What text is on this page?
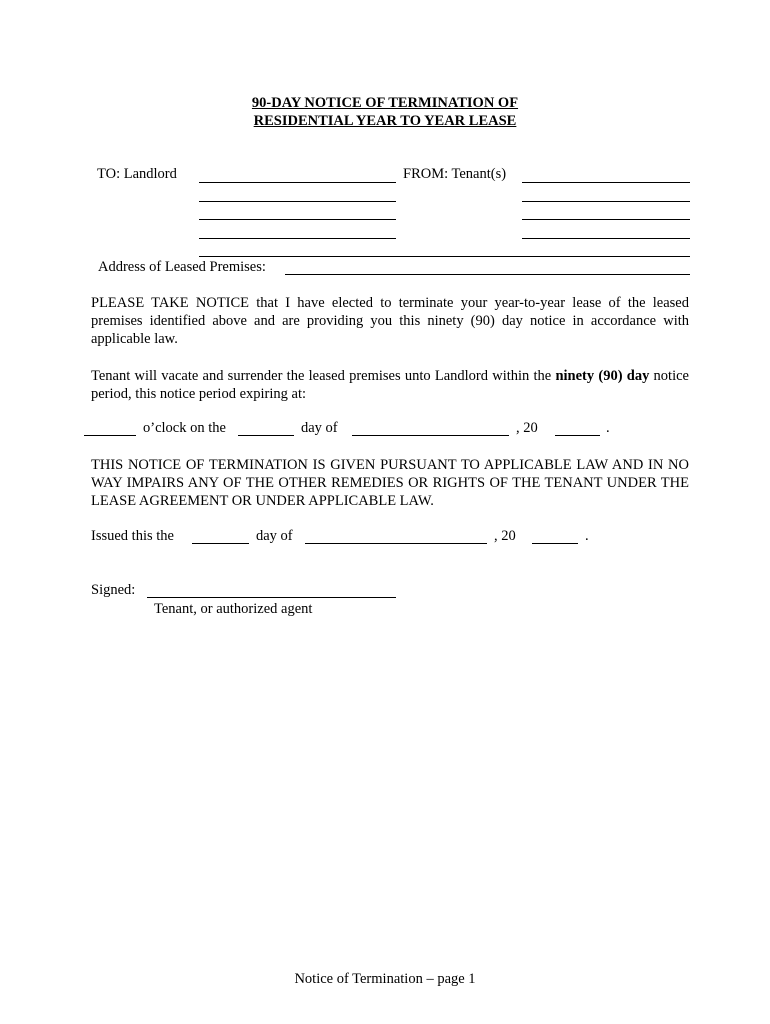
90-DAY NOTICE OF TERMINATION OF
RESIDENTIAL YEAR TO YEAR LEASE
TO: Landlord	FROM: Tenant(s)
Address of Leased Premises:
PLEASE TAKE NOTICE that I have elected to terminate your year-to-year lease of the leased premises identified above and are providing you this ninety (90) day notice in accordance with applicable law.
Tenant will vacate and surrender the leased premises unto Landlord within the ninety (90) day notice period, this notice period expiring at:
o’clock on the	day of	, 20	.
THIS NOTICE OF TERMINATION IS GIVEN PURSUANT TO APPLICABLE LAW AND IN NO WAY IMPAIRS ANY OF THE OTHER REMEDIES OR RIGHTS OF THE TENANT UNDER THE LEASE AGREEMENT OR UNDER APPLICABLE LAW.
Issued this the	day of	, 20	.
Signed:
Tenant, or authorized agent
Notice of Termination – page 1
